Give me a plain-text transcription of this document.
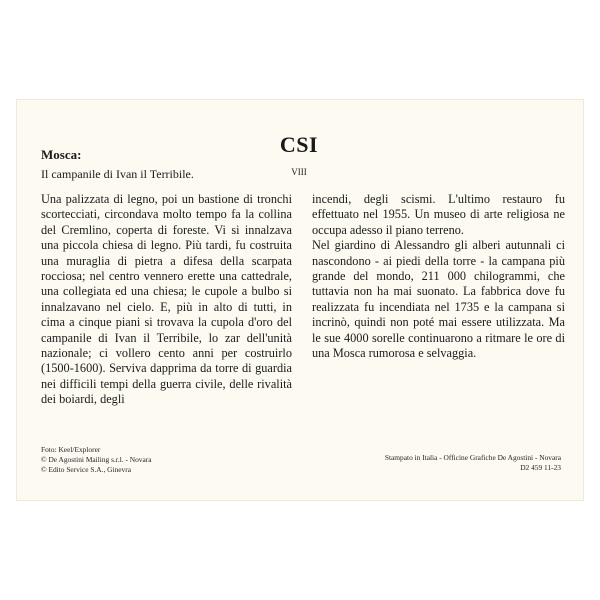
Mosca:
Il campanile di Ivan il Terribile.
CSI
VIII

Una palizzata di legno, poi un bastione di tronchi scortecciati, circondava molto tempo fa la collina del Cremlino, coperta di foreste. Vi si innalzava una piccola chiesa di legno. Più tardi, fu costruita una muraglia di pietra a difesa della scarpata rocciosa; nel centro vennero erette una cattedrale, una collegiata ed una chiesa; le cupole a bulbo si innalzavano nel cielo. E, più in alto di tutti, in cima a cinque piani si trovava la cupola d'oro del campanile di Ivan il Terribile, lo zar dell'unità nazionale; ci vollero cento anni per costruirlo (1500-1600). Serviva dapprima da torre di guardia nei difficili tempi della guerra civile, delle rivalità dei boiardi, degli

incendi, degli scismi. L'ultimo restauro fu effettuato nel 1955. Un museo di arte religiosa ne occupa adesso il piano terreno.

Nel giardino di Alessandro gli alberi autunnali ci nascondono - ai piedi della torre - la campana più grande del mondo, 211 000 chilogrammi, che tuttavia non ha mai suonato. La fabbrica dove fu realizzata fu incendiata nel 1735 e la campana si incrinò, quindi non poté mai essere utilizzata. Ma le sue 4000 sorelle continuarono a ritmare le ore di una Mosca rumorosa e selvaggia.

Foto: Keel/Explorer
© De Agostini Mailing s.r.l. - Novara
© Edito Service S.A., Ginevra
Stampato in Italia - Officine Grafiche De Agostini - Novara
D2 459 11-23
